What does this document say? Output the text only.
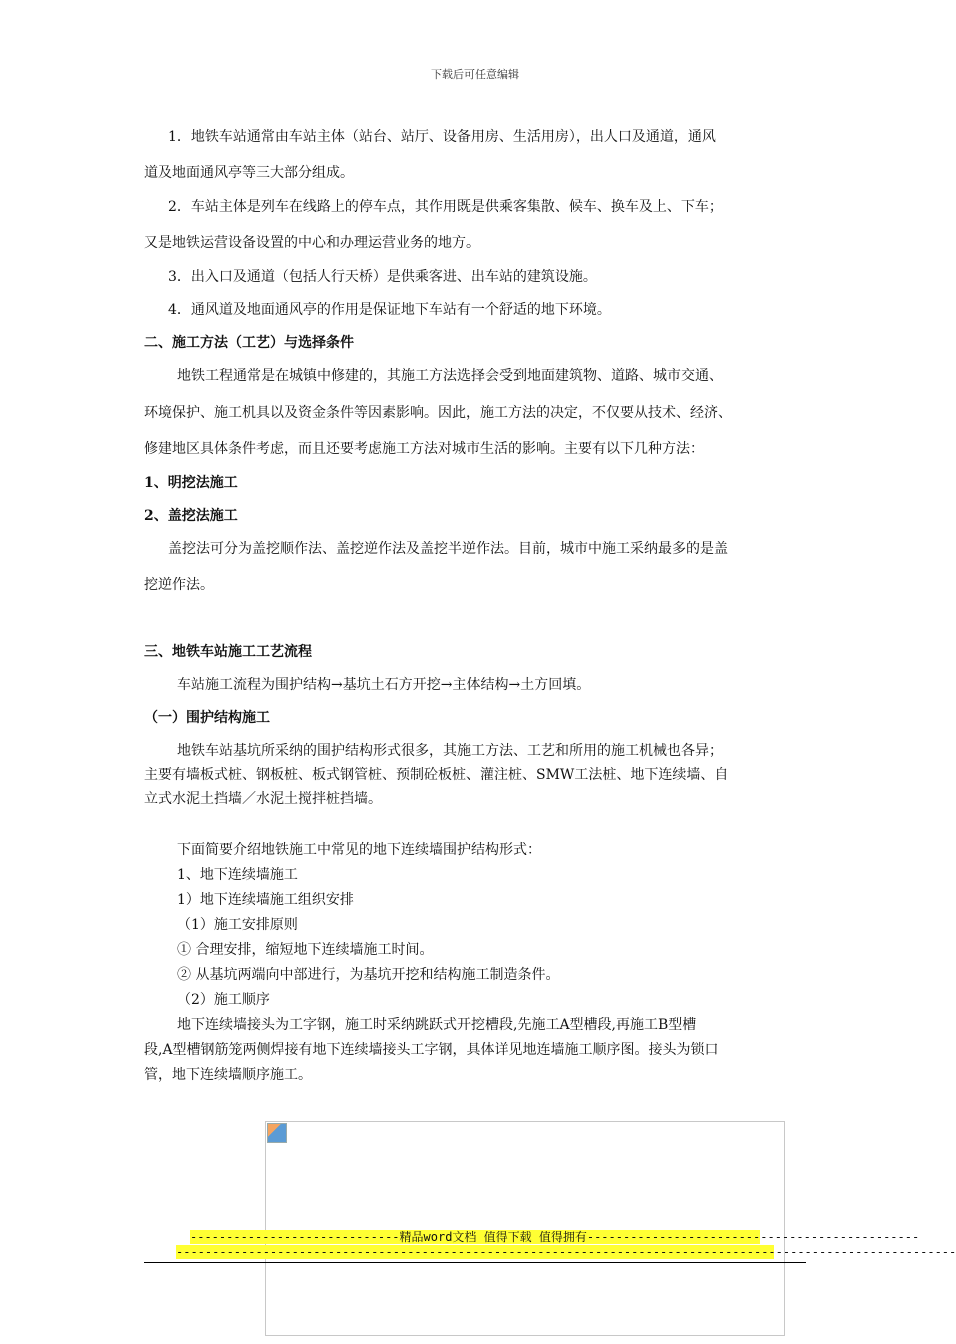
下载后可任意编辑
1．地铁车站通常由车站主体（站台、站厅、设备用房、生活用房），出人口及通道，通风
道及地面通风亭等三大部分组成。
2．车站主体是列车在线路上的停车点，其作用既是供乘客集散、候车、换车及上、下车；
又是地铁运营设备设置的中心和办理运营业务的地方。
3．出入口及通道（包括人行天桥）是供乘客进、出车站的建筑设施。
4．通风道及地面通风亭的作用是保证地下车站有一个舒适的地下环境。
二、施工方法（工艺）与选择条件
地铁工程通常是在城镇中修建的，其施工方法选择会受到地面建筑物、道路、城市交通、
环境保护、施工机具以及资金条件等因素影响。因此，施工方法的决定，不仅要从技术、经济、
修建地区具体条件考虑，而且还要考虑施工方法对城市生活的影响。主要有以下几种方法：
1、明挖法施工
2、盖挖法施工
盖挖法可分为盖挖顺作法、盖挖逆作法及盖挖半逆作法。目前，城市中施工采纳最多的是盖
挖逆作法。
三、地铁车站施工工艺流程
车站施工流程为围护结构→基坑土石方开挖→主体结构→土方回填。
（一）围护结构施工
地铁车站基坑所采纳的围护结构形式很多，其施工方法、工艺和所用的施工机械也各异；
主要有墙板式桩、钢板桩、板式钢管桩、预制砼板桩、灌注桩、SMW工法桩、地下连续墙、自
立式水泥土挡墙／水泥土搅拌桩挡墙。
下面简要介绍地铁施工中常见的地下连续墙围护结构形式：
1、地下连续墙施工
1）地下连续墙施工组织安排
（1）施工安排原则
① 合理安排，缩短地下连续墙施工时间。
② 从基坑两端向中部进行，为基坑开挖和结构施工制造条件。
（2）施工顺序
地下连续墙接头为工字钢，施工时采纳跳跃式开挖槽段,先施工A型槽段,再施工B型槽
段,A型槽钢筋笼两侧焊接有地下连续墙接头工字钢，具体详见地连墙施工顺序图。接头为锁口
管，地下连续墙顺序施工。
-----------------------------精品word文档 值得下载 值得拥有----------------------------------------------
------------------------------------------------------------------------------------------------------------
